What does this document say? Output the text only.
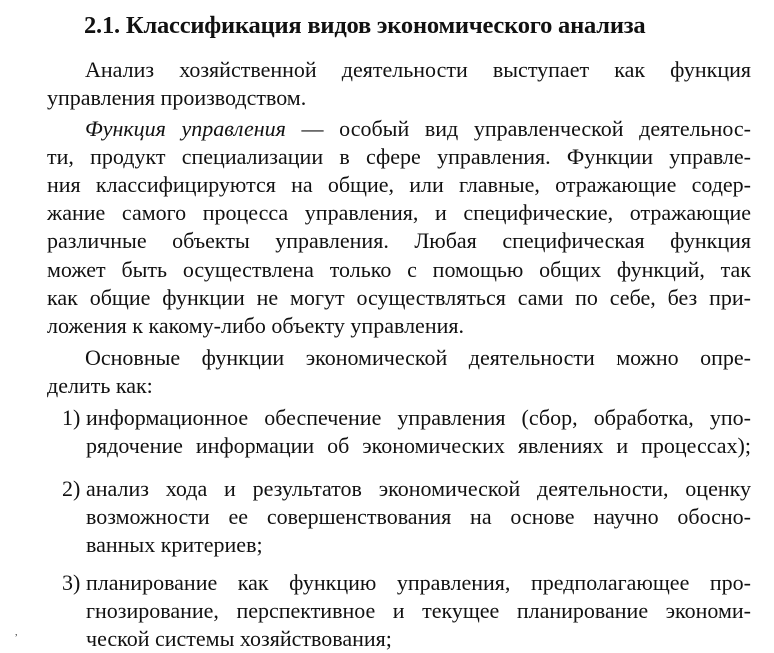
2.1. Классификация видов экономического анализа
Анализ хозяйственной деятельности выступает как функция
управления производством.
Функция управления — особый вид управленческой деятельнос-
ти, продукт специализации в сфере управления. Функции управле-
ния классифицируются на общие, или главные, отражающие содер-
жание самого процесса управления, и специфические, отражающие
различные объекты управления. Любая специфическая функция
может быть осуществлена только с помощью общих функций, так
как общие функции не могут осуществляться сами по себе, без при-
ложения к какому-либо объекту управления.
Основные функции экономической деятельности можно опре-
делить как:
1) информационное обеспечение управления (сбор, обработка, упо-
рядочение информации об экономических явлениях и процессах);
2) анализ хода и результатов экономической деятельности, оценку
возможности ее совершенствования на основе научно обосно-
ванных критериев;
3) планирование как функцию управления, предполагающее про-
гнозирование, перспективное и текущее планирование экономи-
ческой системы хозяйствования;
,
